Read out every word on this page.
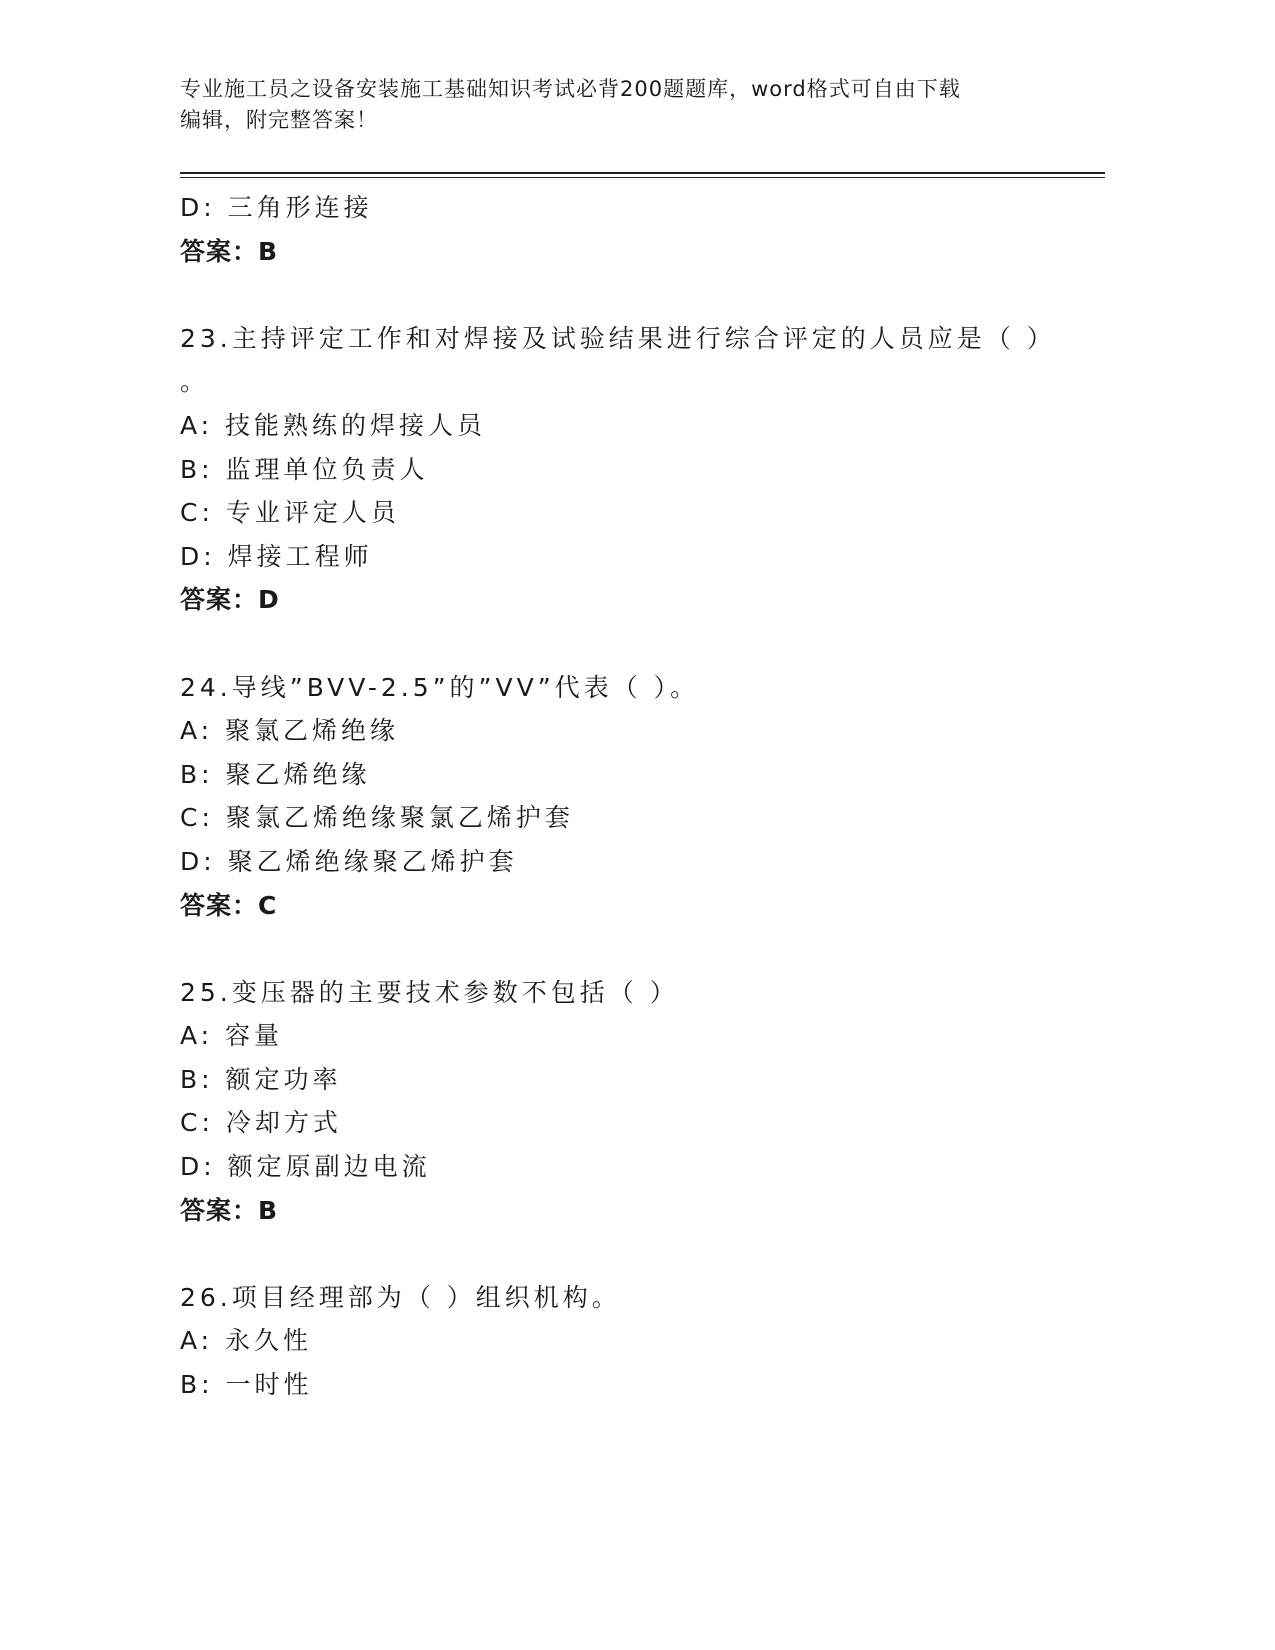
专业施工员之设备安装施工基础知识考试必背200题题库，word格式可自由下载
编辑，附完整答案！
D: 三角形连接
答案：B
23.主持评定工作和对焊接及试验结果进行综合评定的人员应是（ ）
。
A: 技能熟练的焊接人员
B: 监理单位负责人
C: 专业评定人员
D: 焊接工程师
答案：D
24.导线”BVV-2.5”的”VV”代表（ ）。
A: 聚氯乙烯绝缘
B: 聚乙烯绝缘
C: 聚氯乙烯绝缘聚氯乙烯护套
D: 聚乙烯绝缘聚乙烯护套
答案：C
25.变压器的主要技术参数不包括（ ）
A: 容量
B: 额定功率
C: 冷却方式
D: 额定原副边电流
答案：B
26.项目经理部为（ ）组织机构。
A: 永久性
B: 一时性
